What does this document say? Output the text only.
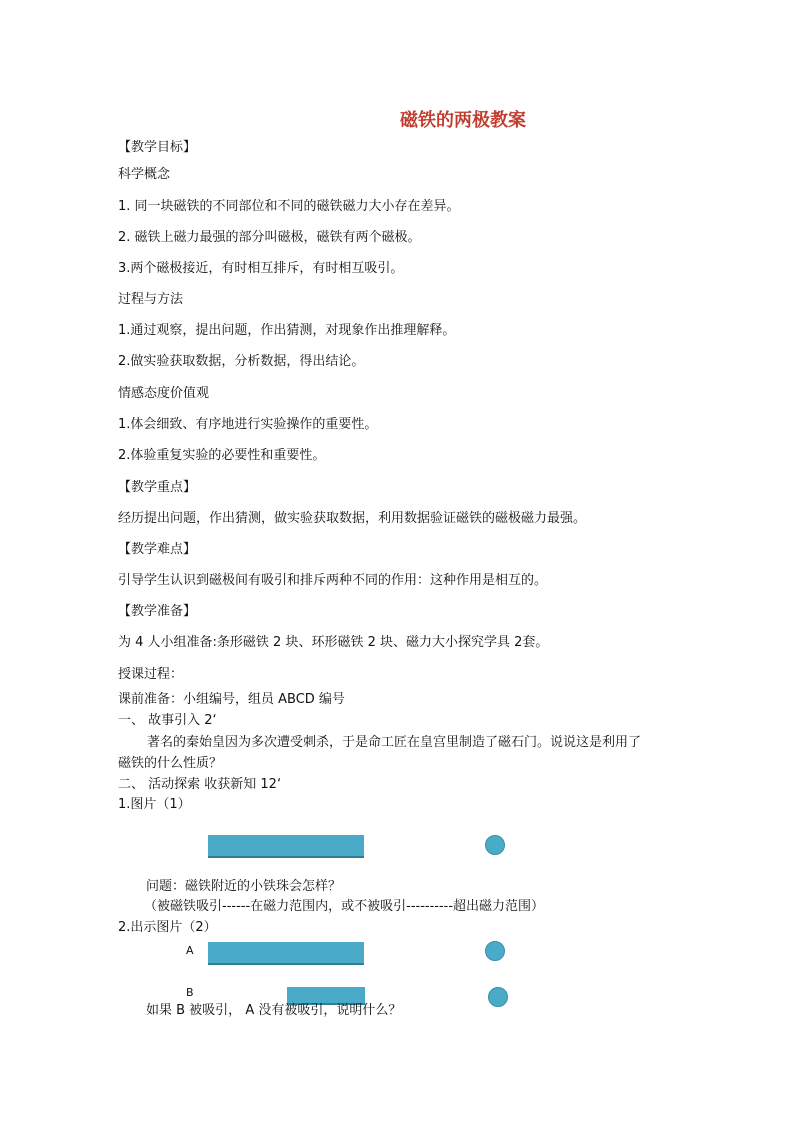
磁铁的两极教案
【教学目标】
科学概念
1. 同一块磁铁的不同部位和不同的磁铁磁力大小存在差异。
2. 磁铁上磁力最强的部分叫磁极，磁铁有两个磁极。
3.两个磁极接近，有时相互排斥，有时相互吸引。
过程与方法
1.通过观察，提出问题，作出猜测，对现象作出推理解释。
2.做实验获取数据，分析数据，得出结论。
情感态度价值观
1.体会细致、有序地进行实验操作的重要性。
2.体验重复实验的必要性和重要性。
【教学重点】
经历提出问题，作出猜测，做实验获取数据，利用数据验证磁铁的磁极磁力最强。
【教学难点】
引导学生认识到磁极间有吸引和排斥两种不同的作用：这种作用是相互的。
【教学准备】
为 4 人小组准备:条形磁铁 2 块、环形磁铁 2 块、磁力大小探究学具 2套。
授课过程：
课前准备：小组编号，组员 ABCD 编号
一、 故事引入 2‘
著名的秦始皇因为多次遭受刺杀，于是命工匠在皇宫里制造了磁石门。说说这是利用了
磁铁的什么性质？
二、 活动探索 收获新知 12‘
1.图片（1）
问题：磁铁附近的小铁珠会怎样？
（被磁铁吸引------在磁力范围内，或不被吸引----------超出磁力范围）
2.出示图片（2）
A
B
如果 B 被吸引， A 没有被吸引，说明什么？
